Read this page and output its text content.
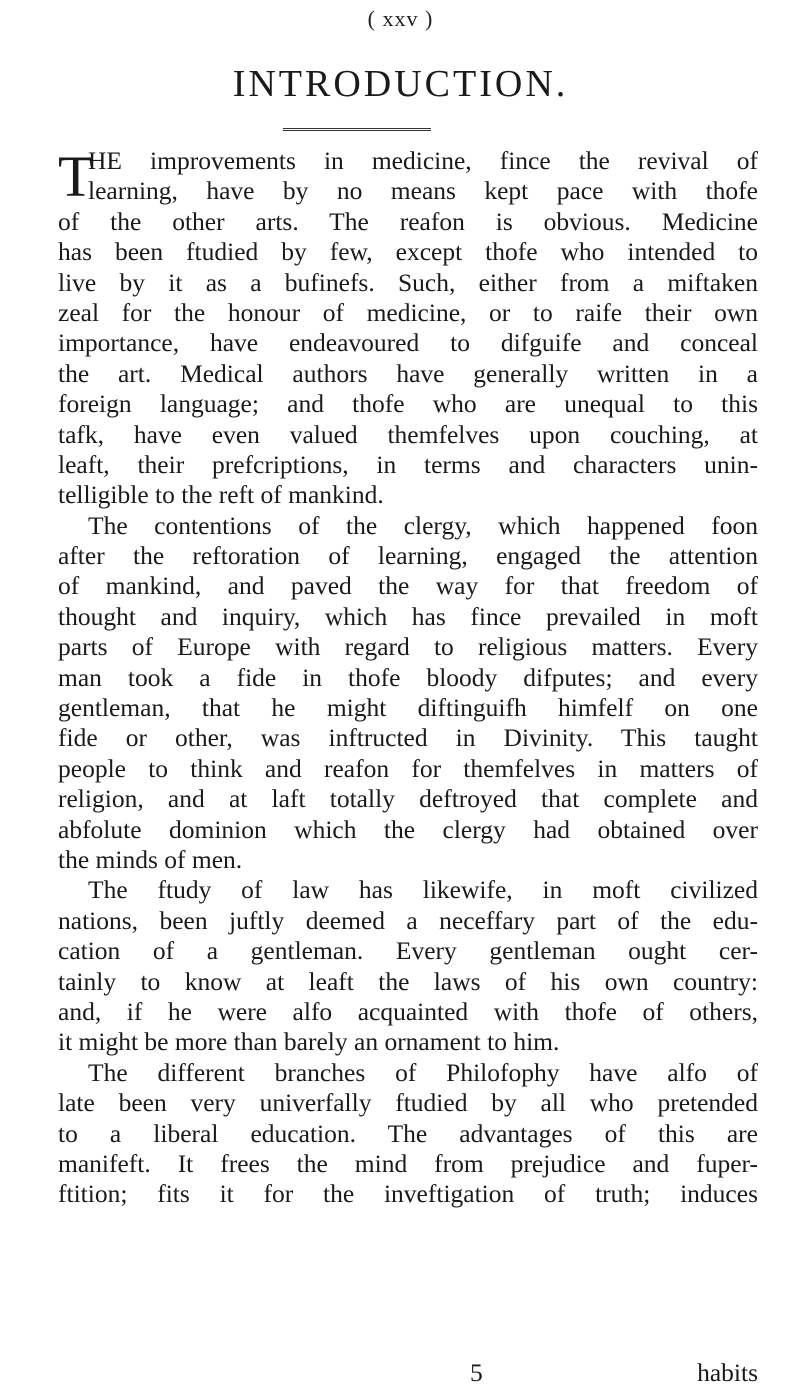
( xxv )
INTRODUCTION.
T
HE improvements in medicine, fince the revival of
learning, have by no means kept pace with thofe
of the other arts. The reafon is obvious. Medicine
has been ftudied by few, except thofe who intended to
live by it as a bufinefs. Such, either from a miftaken
zeal for the honour of medicine, or to raife their own
importance, have endeavoured to difguife and conceal
the art. Medical authors have generally written in a
foreign language; and thofe who are unequal to this
tafk, have even valued themfelves upon couching, at
leaft, their prefcriptions, in terms and characters unin-
telligible to the reft of mankind.
The contentions of the clergy, which happened foon
after the reftoration of learning, engaged the attention
of mankind, and paved the way for that freedom of
thought and inquiry, which has fince prevailed in moft
parts of Europe with regard to religious matters. Every
man took a fide in thofe bloody difputes; and every
gentleman, that he might diftinguifh himfelf on one
fide or other, was inftructed in Divinity. This taught
people to think and reafon for themfelves in matters of
religion, and at laft totally deftroyed that complete and
abfolute dominion which the clergy had obtained over
the minds of men.
The ftudy of law has likewife, in moft civilized
nations, been juftly deemed a neceffary part of the edu-
cation of a gentleman. Every gentleman ought cer-
tainly to know at leaft the laws of his own country:
and, if he were alfo acquainted with thofe of others,
it might be more than barely an ornament to him.
The different branches of Philofophy have alfo of
late been very univerfally ftudied by all who pretended
to a liberal education. The advantages of this are
manifeft. It frees the mind from prejudice and fuper-
ftition; fits it for the inveftigation of truth; induces
5	habits
